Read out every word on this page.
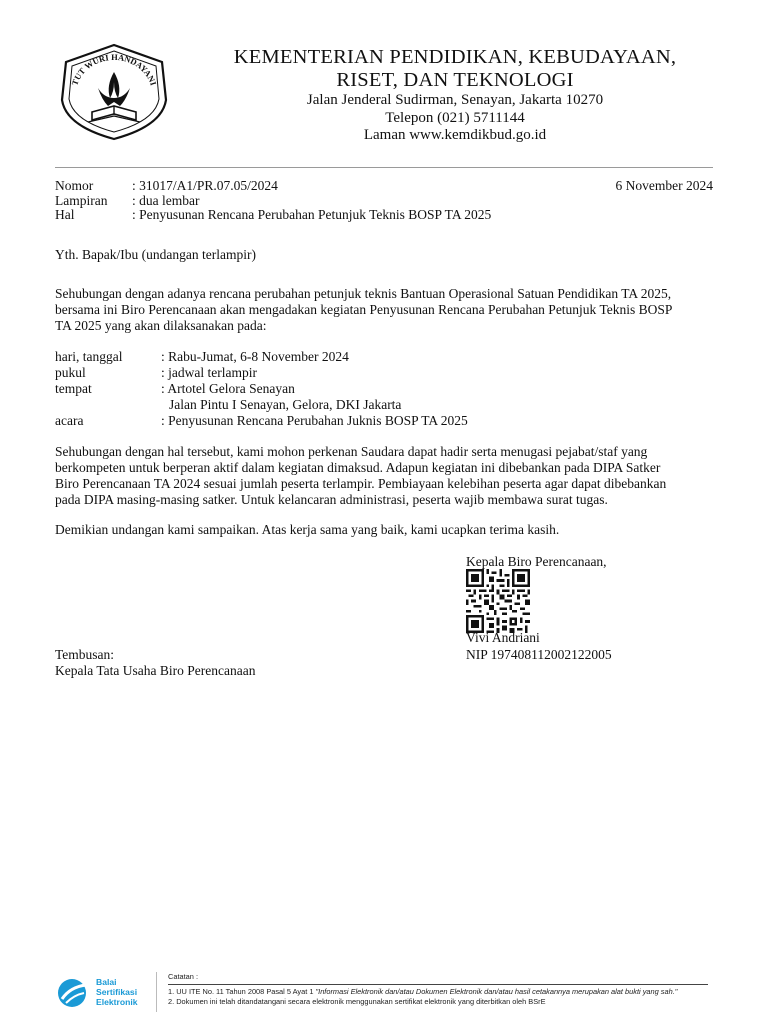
TUT WURI HANDAYANI
KEMENTERIAN PENDIDIKAN, KEBUDAYAAN,
RISET, DAN TEKNOLOGI
Jalan Jenderal Sudirman, Senayan, Jakarta 10270
Telepon (021) 5711144
Laman www.kemdikbud.go.id
Nomor	: 31017/A1/PR.07.05/2024	6 November 2024
Lampiran : dua lembar
Hal	: Penyusunan Rencana Perubahan Petunjuk Teknis BOSP TA 2025
Yth. Bapak/Ibu (undangan terlampir)
Sehubungan dengan adanya rencana perubahan petunjuk teknis Bantuan Operasional Satuan Pendidikan TA 2025,
bersama ini Biro Perencanaan akan mengadakan kegiatan Penyusunan Rencana Perubahan Petunjuk Teknis BOSP
TA 2025 yang akan dilaksanakan pada:
hari, tanggal	: Rabu-Jumat, 6-8 November 2024
pukul	: jadwal terlampir
tempat	: Artotel Gelora Senayan
Jalan Pintu I Senayan, Gelora, DKI Jakarta
acara	: Penyusunan Rencana Perubahan Juknis BOSP TA 2025
Sehubungan dengan hal tersebut, kami mohon perkenan Saudara dapat hadir serta menugasi pejabat/staf yang
berkompeten untuk berperan aktif dalam kegiatan dimaksud. Adapun kegiatan ini dibebankan pada DIPA Satker
Biro Perencanaan TA 2024 sesuai jumlah peserta terlampir. Pembiayaan kelebihan peserta agar dapat dibebankan
pada DIPA masing-masing satker. Untuk kelancaran administrasi, peserta wajib membawa surat tugas.
Demikian undangan kami sampaikan. Atas kerja sama yang baik, kami ucapkan terima kasih.
Kepala Biro Perencanaan,
Vivi Andriani
NIP 197408112002122005
Tembusan:
Kepala Tata Usaha Biro Perencanaan
Balai
Sertifikasi
Elektronik
Catatan :
1. UU ITE No. 11 Tahun 2008 Pasal 5 Ayat 1 "Informasi Elektronik dan/atau Dokumen Elektronik dan/atau hasil cetakannya merupakan alat bukti yang sah."
2. Dokumen ini telah ditandatangani secara elektronik menggunakan sertifikat elektronik yang diterbitkan oleh BSrE
